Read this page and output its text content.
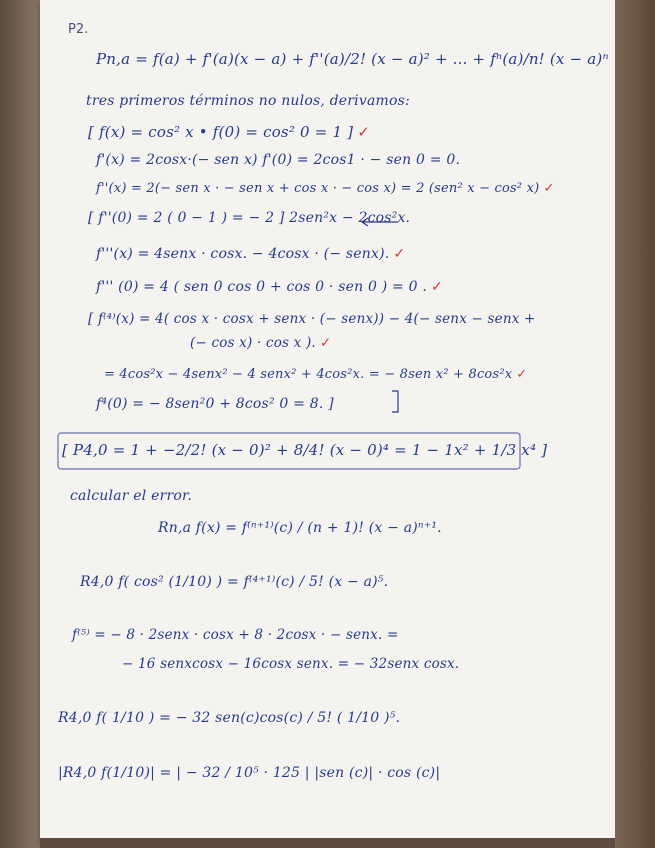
P2.
Pn,a = f(a) + f'(a)(x − a) + f''(a)/2! (x − a)² + ... + fⁿ(a)/n! (x − a)ⁿ
tres primeros términos no nulos, derivamos:
[ f(x) = cos² x • f(0) = cos² 0 = 1 ] ✓
f'(x) = 2cosx·(− sen x) f'(0) = 2cos1 · − sen 0 = 0.
f''(x) = 2(− sen x · − sen x + cos x · − cos x) = 2 (sen² x − cos² x) ✓
[ f''(0) = 2 ( 0 − 1 ) = − 2 ] 2sen²x − 2cos²x.
f'''(x) = 4senx · cosx. − 4cosx · (− senx). ✓
f''' (0) = 4 ( sen 0 cos 0 + cos 0 · sen 0 ) = 0 . ✓
[ f⁽⁴⁾(x) = 4( cos x · cosx + senx · (− senx)) − 4(− senx − senx +
(− cos x) · cos x ). ✓
= 4cos²x − 4senx² − 4 senx² + 4cos²x. = − 8sen x² + 8cos²x ✓
f⁴(0) = − 8sen²0 + 8cos² 0 = 8. ]
[ P4,0 = 1 + −2/2! (x − 0)² + 8/4! (x − 0)⁴ = 1 − 1x² + 1/3 x⁴ ]
calcular el error.
Rn,a f(x) = f⁽ⁿ⁺¹⁾(c) / (n + 1)! (x − a)ⁿ⁺¹.
R4,0 f( cos² (1/10) ) = f⁽⁴⁺¹⁾(c) / 5! (x − a)⁵.
f⁽⁵⁾ = − 8 · 2senx · cosx + 8 · 2cosx · − senx. =
− 16 senxcosx − 16cosx senx. = − 32senx cosx.
R4,0 f( 1/10 ) = − 32 sen(c)cos(c) / 5! ( 1/10 )⁵.
|R4,0 f(1/10)| = | − 32 / 10⁵ · 125 | |sen (c)| · cos (c)|
